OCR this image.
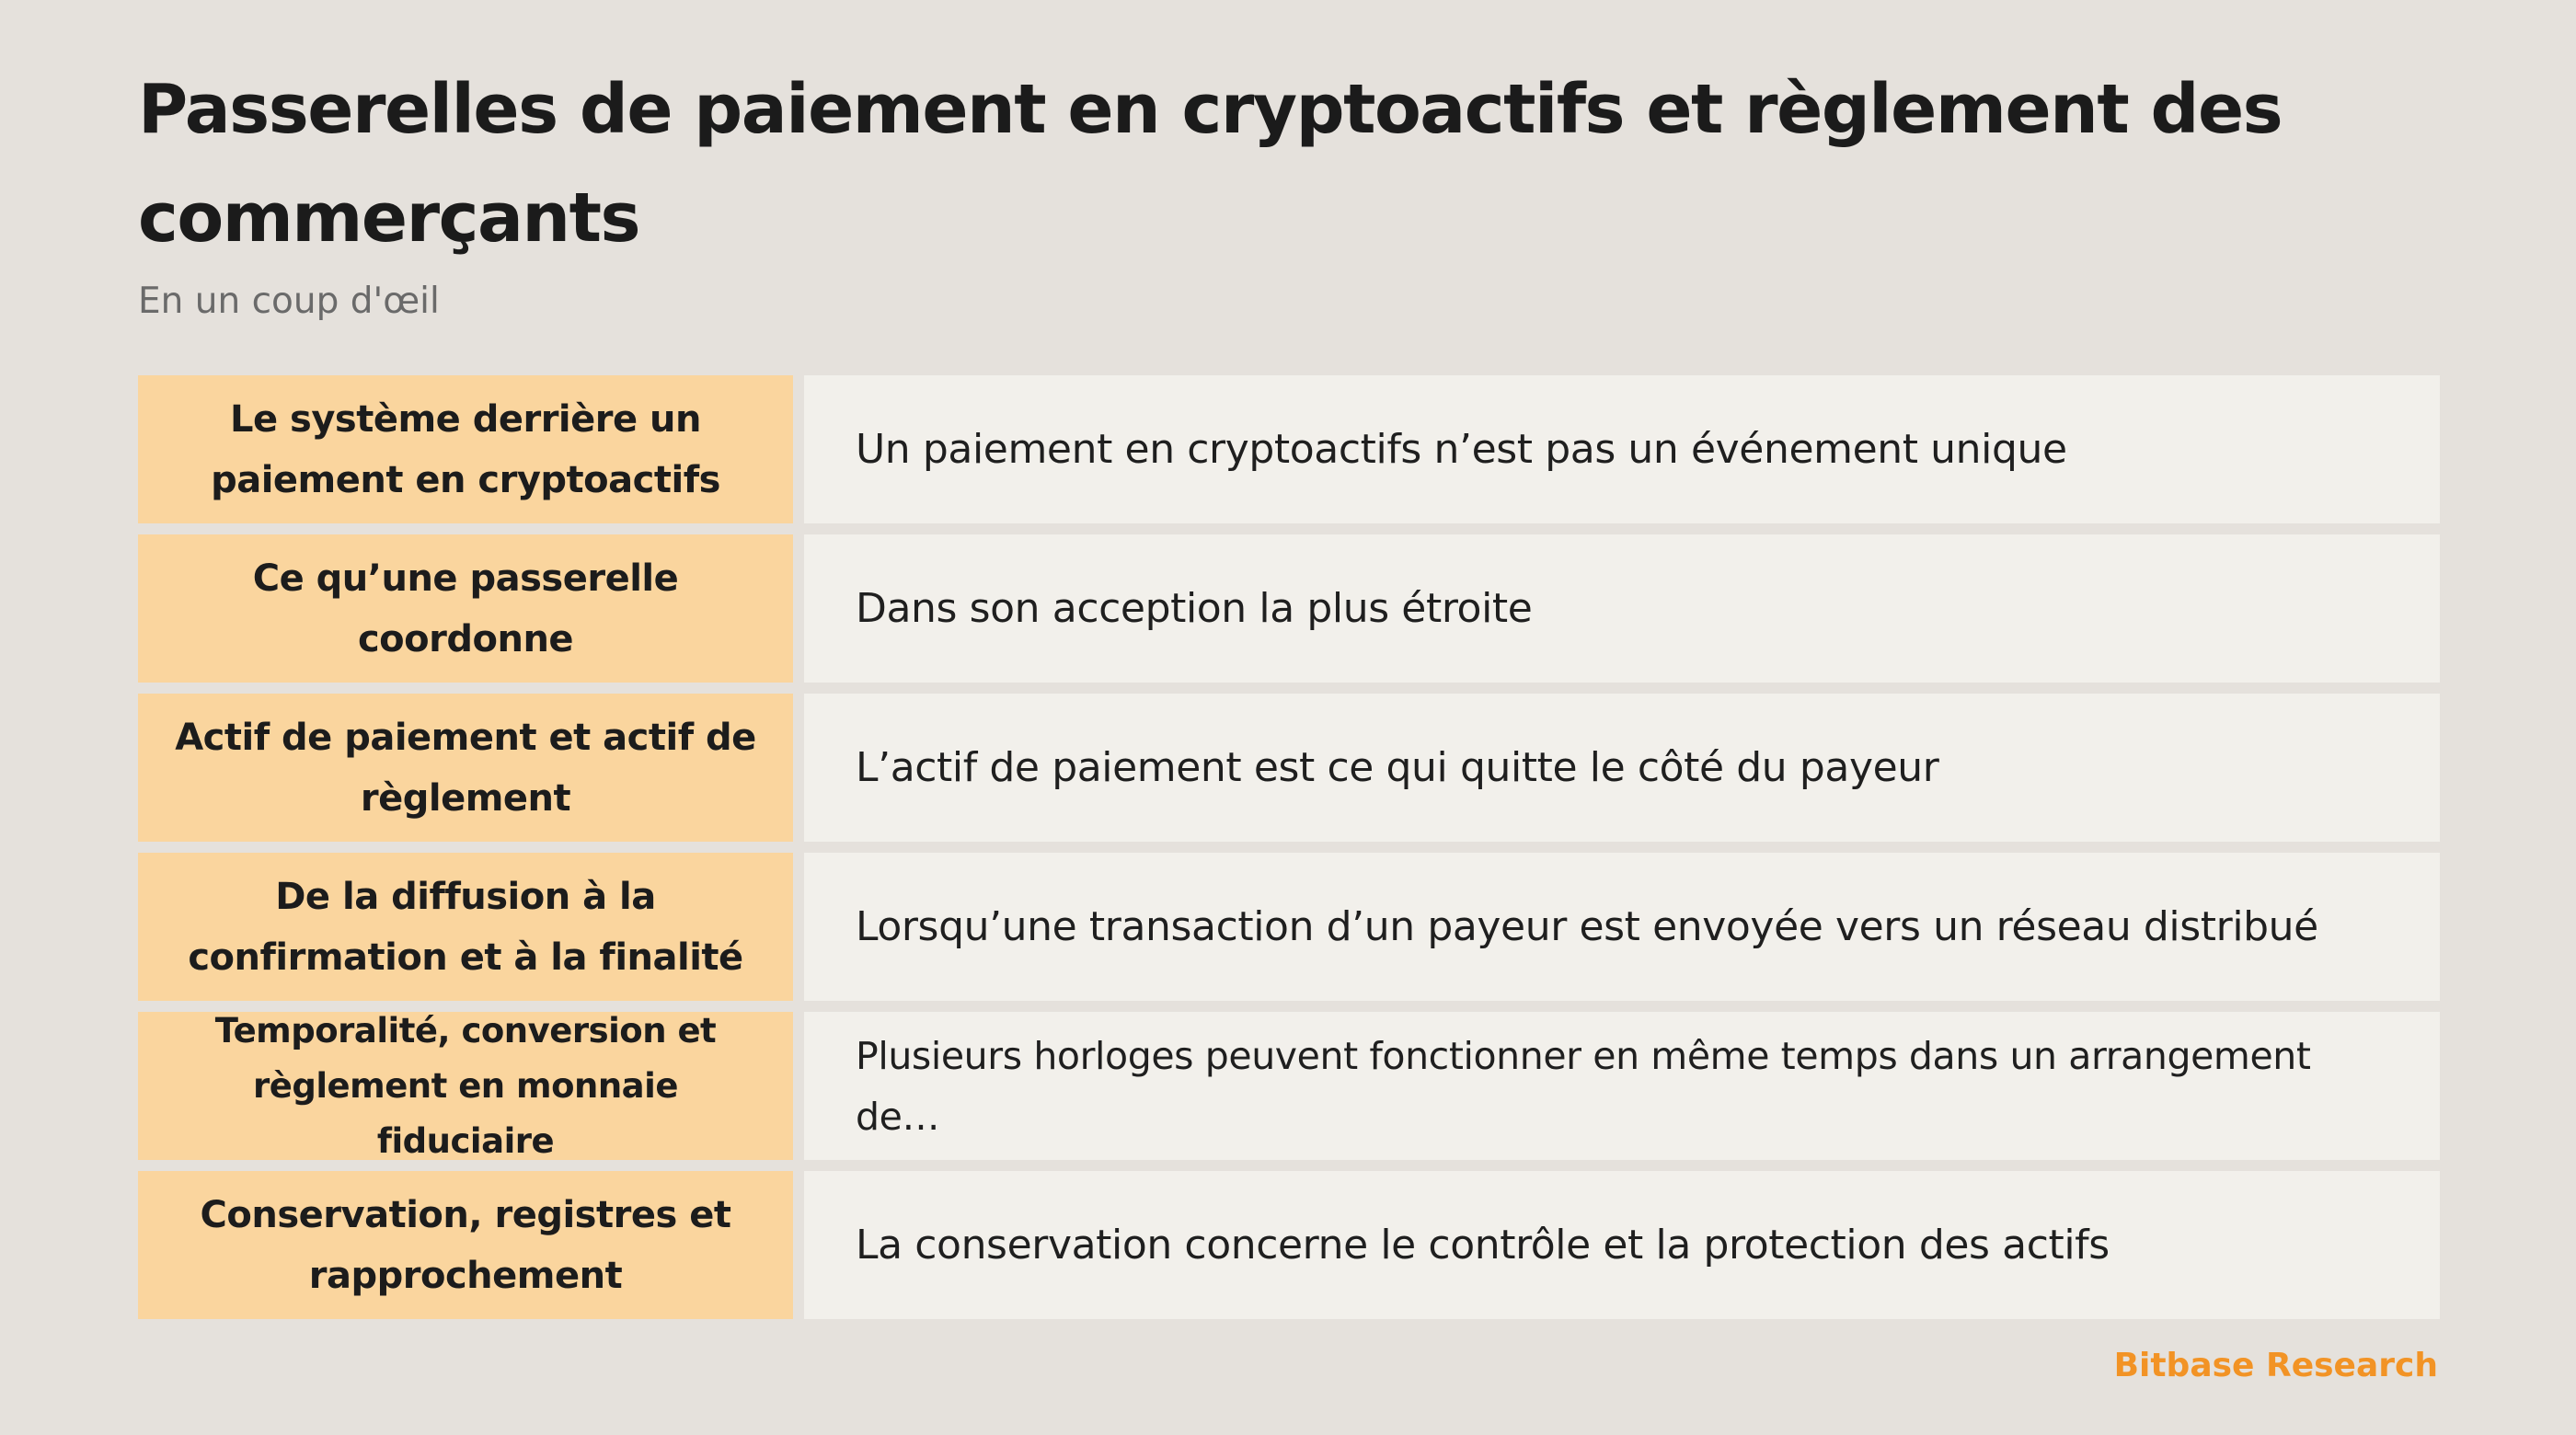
Passerelles de paiement en cryptoactifs et règlement des commerçants
En un coup d'œil
Le système derrière un paiement en cryptoactifs
Un paiement en cryptoactifs n’est pas un événement unique
Ce qu’une passerelle coordonne
Dans son acception la plus étroite
Actif de paiement et actif de règlement
L’actif de paiement est ce qui quitte le côté du payeur
De la diffusion à la confirmation et à la finalité
Lorsqu’une transaction d’un payeur est envoyée vers un réseau distribué
Temporalité, conversion et règlement en monnaie fiduciaire
Plusieurs horloges peuvent fonctionner en même temps dans un arrangement de…
Conservation, registres et rapprochement
La conservation concerne le contrôle et la protection des actifs
Bitbase Research
